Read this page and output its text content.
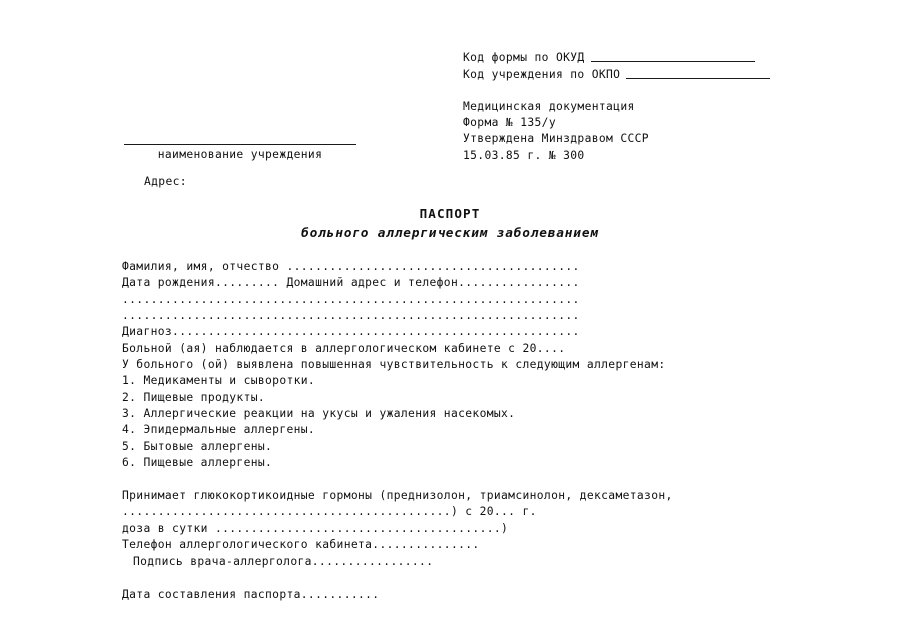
Код формы по ОКУД
Код учреждения по ОКПО
Медицинская документация
Форма № 135/у
Утверждена Минздравом СССР
15.03.85 г. № 300
наименование учреждения
Адрес:
ПАСПОРТ
больного аллергическим заболеванием
Фамилия, имя, отчество .........................................
Дата рождения......... Домашний адрес и телефон.................
................................................................
................................................................
Диагноз.........................................................
Больной (ая) наблюдается в аллергологическом кабинете с 20....
У больного (ой) выявлена повышенная чувствительность к следующим аллергенам:
1. Медикаменты и сыворотки.
2. Пищевые продукты.
3. Аллергические реакции на укусы и ужаления насекомых.
4. Эпидермальные аллергены.
5. Бытовые аллергены.
6. Пищевые аллергены.
Принимает глюкокортикоидные гормоны (преднизолон, триамсинолон, дексаметазон,
..............................................) с 20... г.
доза в сутки ........................................)
Телефон аллергологического кабинета...............
Подпись врача-аллерголога.................
Дата составления паспорта...........
